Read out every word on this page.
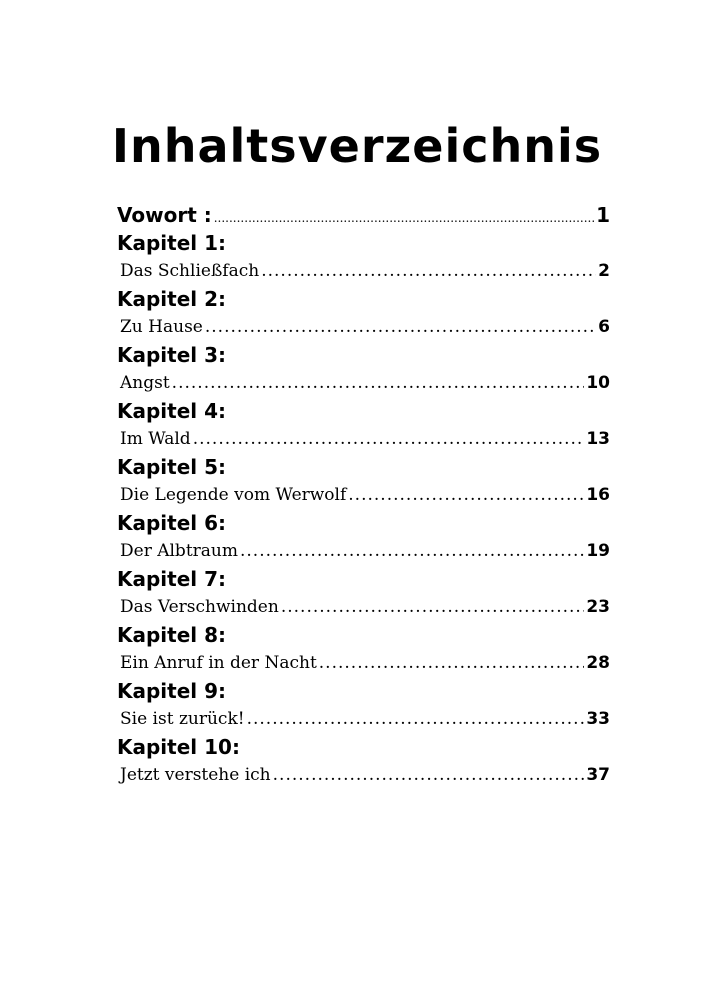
Inhaltsverzeichnis
Vowort : .....	1
Kapitel 1:
Das Schließfach .....	2
Kapitel 2:
Zu Hause .....	6
Kapitel 3:
Angst .....	10
Kapitel 4:
Im Wald .....	13
Kapitel 5:
Die Legende vom Werwolf .....	16
Kapitel 6:
Der Albtraum .....	19
Kapitel 7:
Das Verschwinden .....	23
Kapitel 8:
Ein Anruf in der Nacht .....	28
Kapitel 9:
Sie ist zurück! .....	33
Kapitel 10:
Jetzt verstehe ich .....	37
